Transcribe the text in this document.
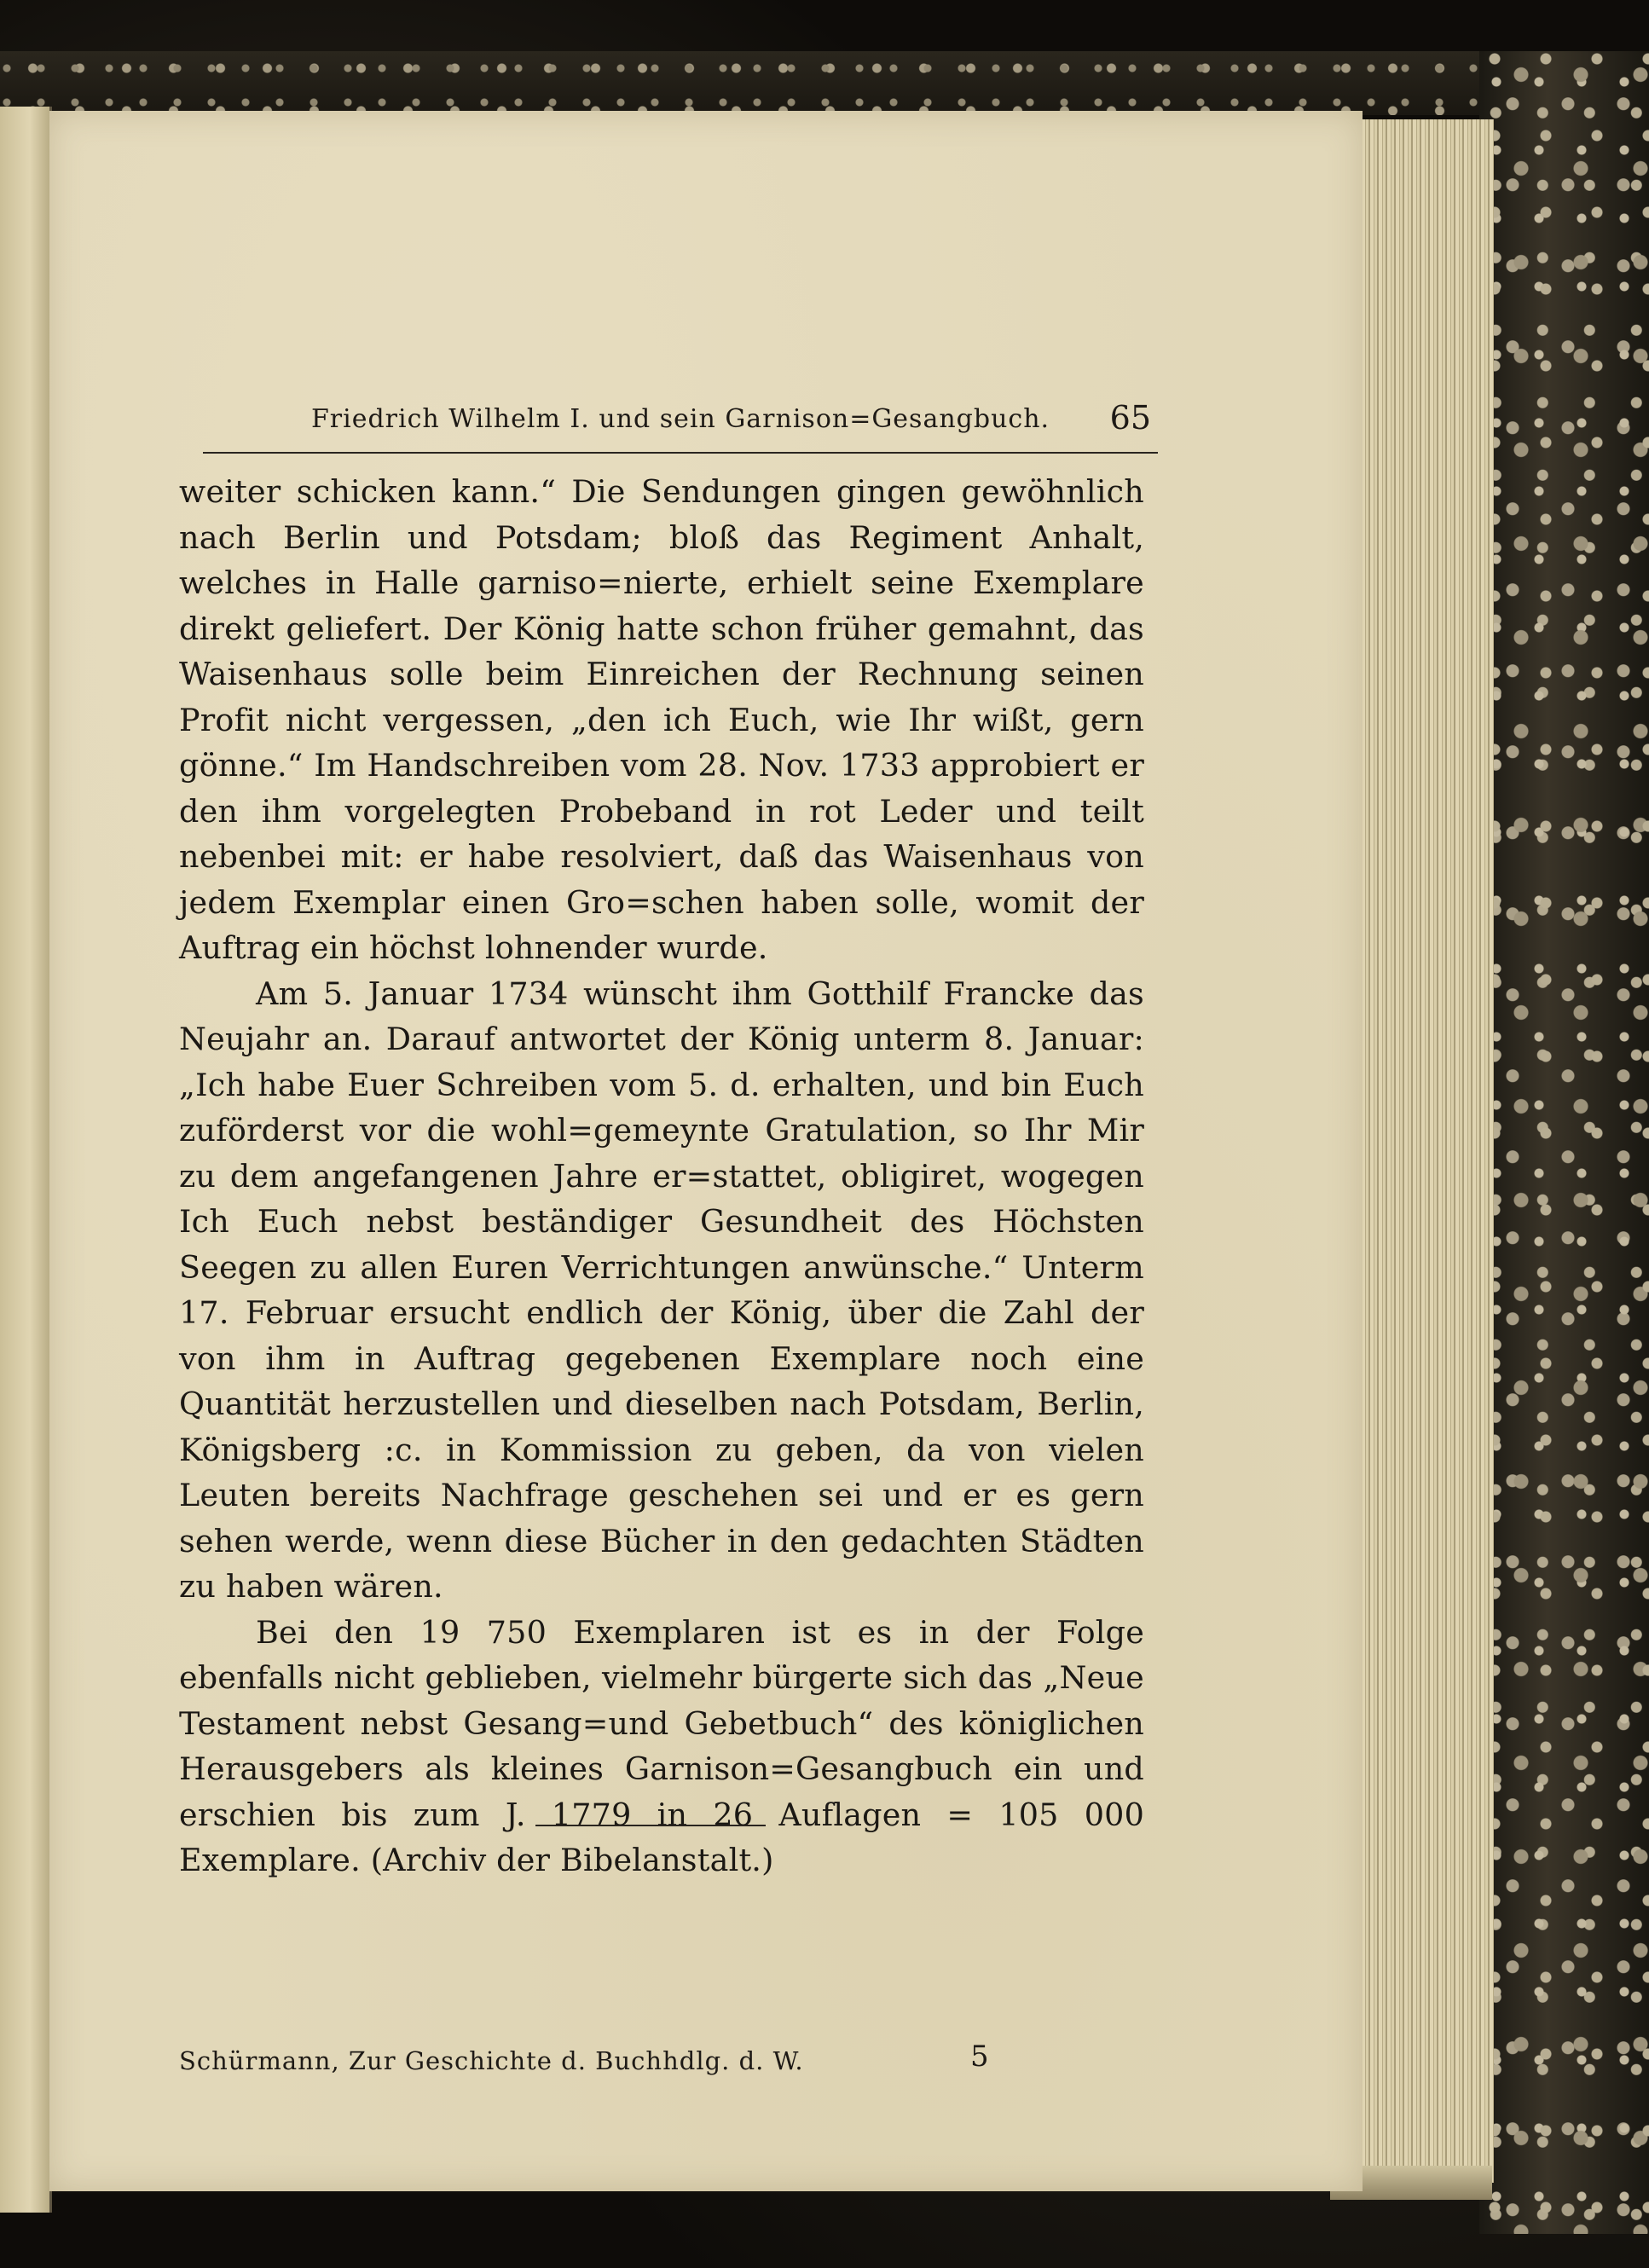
Friedrich Wilhelm I. und sein Garnison=Gesangbuch.	65

weiter schicken kann.“ Die Sendungen gingen gewöhnlich nach Berlin und Potsdam; bloß das Regiment Anhalt, welches in Halle garniso=nierte, erhielt seine Exemplare direkt geliefert. Der König hatte schon früher gemahnt, das Waisenhaus solle beim Einreichen der Rechnung seinen Profit nicht vergessen, „den ich Euch, wie Ihr wißt, gern gönne.“ Im Handschreiben vom 28. Nov. 1733 approbiert er den ihm vorgelegten Probeband in rot Leder und teilt nebenbei mit: er habe resolviert, daß das Waisenhaus von jedem Exemplar einen Gro=schen haben solle, womit der Auftrag ein höchst lohnender wurde.

Am 5. Januar 1734 wünscht ihm Gotthilf Francke das Neujahr an. Darauf antwortet der König unterm 8. Januar: „Ich habe Euer Schreiben vom 5. d. erhalten, und bin Euch zuförderst vor die wohl=gemeynte Gratulation, so Ihr Mir zu dem angefangenen Jahre er=stattet, obligiret, wogegen Ich Euch nebst beständiger Gesundheit des Höchsten Seegen zu allen Euren Verrichtungen anwünsche.“ Unterm 17. Februar ersucht endlich der König, über die Zahl der von ihm in Auftrag gegebenen Exemplare noch eine Quantität herzustellen und dieselben nach Potsdam, Berlin, Königsberg :c. in Kommission zu geben, da von vielen Leuten bereits Nachfrage geschehen sei und er es gern sehen werde, wenn diese Bücher in den gedachten Städten zu haben wären.

Bei den 19 750 Exemplaren ist es in der Folge ebenfalls nicht geblieben, vielmehr bürgerte sich das „Neue Testament nebst Gesang=und Gebetbuch“ des königlichen Herausgebers als kleines Garnison=Gesangbuch ein und erschien bis zum J. 1779 in 26 Auflagen = 105 000 Exemplare. (Archiv der Bibelanstalt.)

Schürmann, Zur Geschichte d. Buchhdlg. d. W.	5
